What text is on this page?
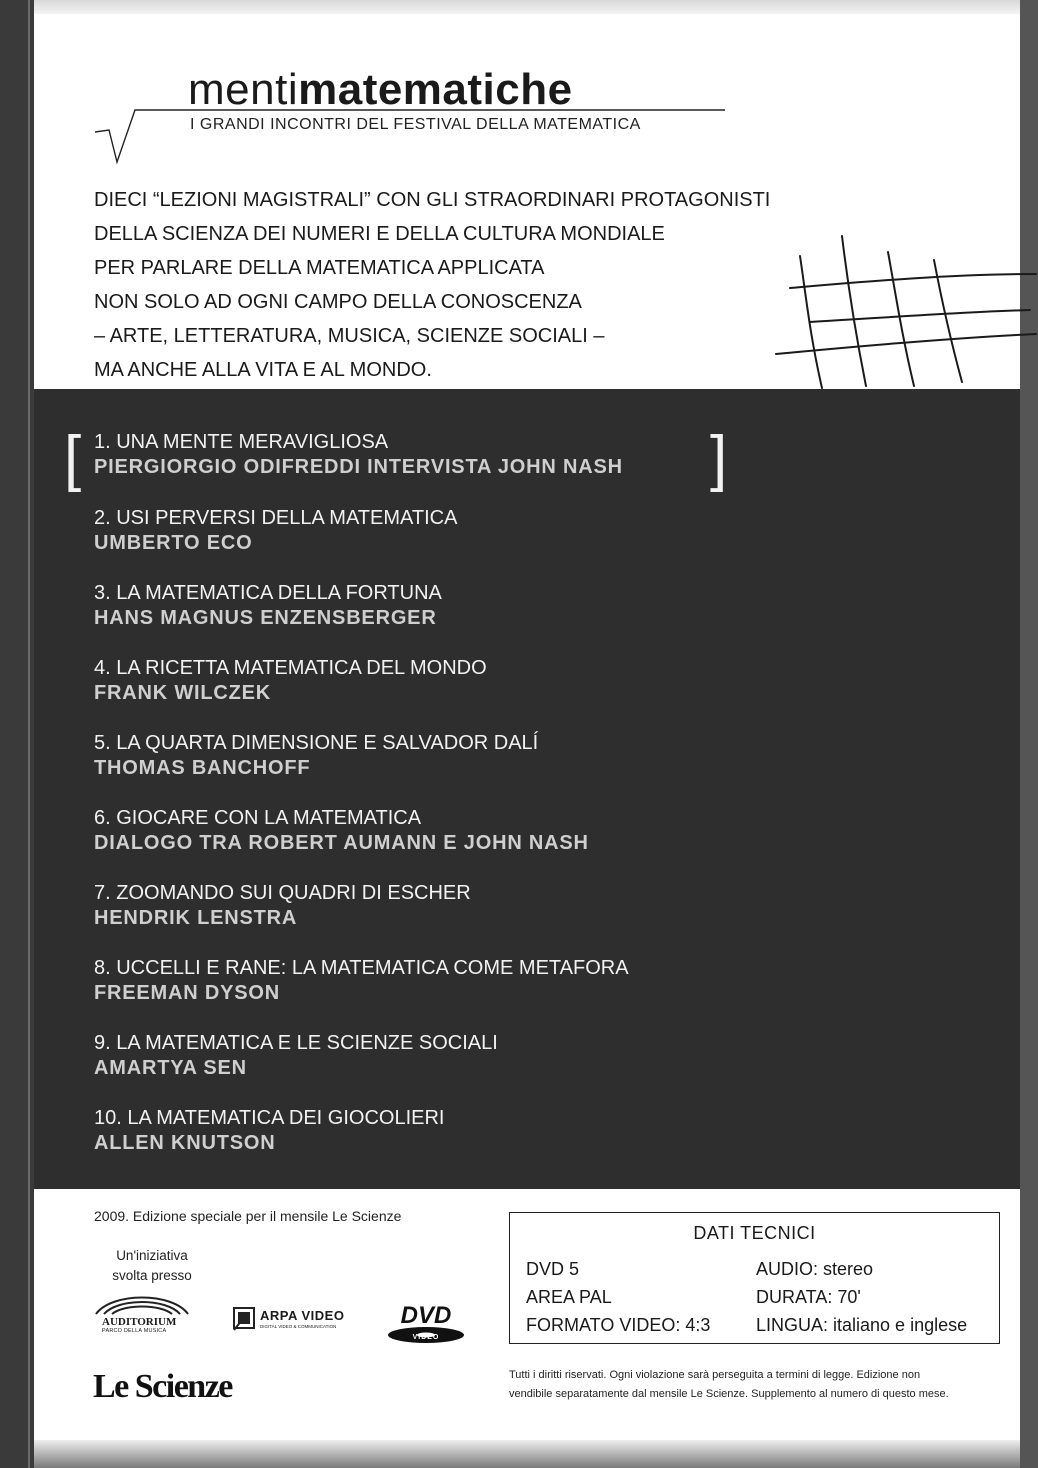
mentimatematiche
I GRANDI INCONTRI DEL FESTIVAL DELLA MATEMATICA
DIECI “LEZIONI MAGISTRALI” CON GLI STRAORDINARI PROTAGONISTI
DELLA SCIENZA DEI NUMERI E DELLA CULTURA MONDIALE
PER PARLARE DELLA MATEMATICA APPLICATA
NON SOLO AD OGNI CAMPO DELLA CONOSCENZA
– ARTE, LETTERATURA, MUSICA, SCIENZE SOCIALI –
MA ANCHE ALLA VITA E AL MONDO.
[	]
1. UNA MENTE MERAVIGLIOSA
PIERGIORGIO ODIFREDDI INTERVISTA JOHN NASH
2. USI PERVERSI DELLA MATEMATICA
UMBERTO ECO
3. LA MATEMATICA DELLA FORTUNA
HANS MAGNUS ENZENSBERGER
4. LA RICETTA MATEMATICA DEL MONDO
FRANK WILCZEK
5. LA QUARTA DIMENSIONE E SALVADOR DALÍ
THOMAS BANCHOFF
6. GIOCARE CON LA MATEMATICA
DIALOGO TRA ROBERT AUMANN E JOHN NASH
7. ZOOMANDO SUI QUADRI DI ESCHER
HENDRIK LENSTRA
8. UCCELLI E RANE: LA MATEMATICA COME METAFORA
FREEMAN DYSON
9. LA MATEMATICA E LE SCIENZE SOCIALI
AMARTYA SEN
10. LA MATEMATICA DEI GIOCOLIERI
ALLEN KNUTSON
2009. Edizione speciale per il mensile Le Scienze
Un'iniziativa
svolta presso
AUDITORIUM
PARCO DELLA MUSICA
ARPA VIDEO
DIGITAL VIDEO & COMMUNICATION	DVD
VIDEO
Le Scienze
DATI TECNICI
DVD 5
AREA PAL
FORMATO VIDEO: 4:3
AUDIO: stereo
DURATA: 70'
LINGUA: italiano e inglese
Tutti i diritti riservati. Ogni violazione sarà perseguita a termini di legge. Edizione non
vendibile separatamente dal mensile Le Scienze. Supplemento al numero di questo mese.
